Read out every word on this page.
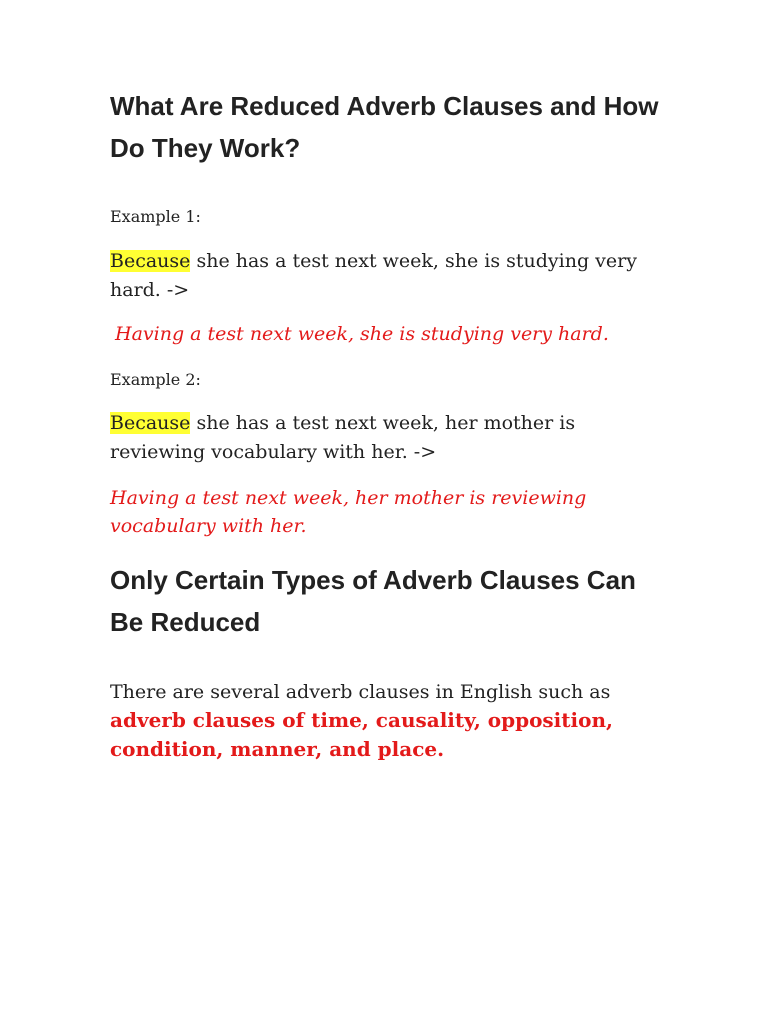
What Are Reduced Adverb Clauses and How Do They Work?

Example 1:

Because she has a test next week, she is studying very hard. ->

Having a test next week, she is studying very hard.

Example 2:

Because she has a test next week, her mother is reviewing vocabulary with her. ->

Having a test next week, her mother is reviewing vocabulary with her.

Only Certain Types of Adverb Clauses Can Be Reduced

There are several adverb clauses in English such as adverb clauses of time, causality, opposition, condition, manner, and place.
